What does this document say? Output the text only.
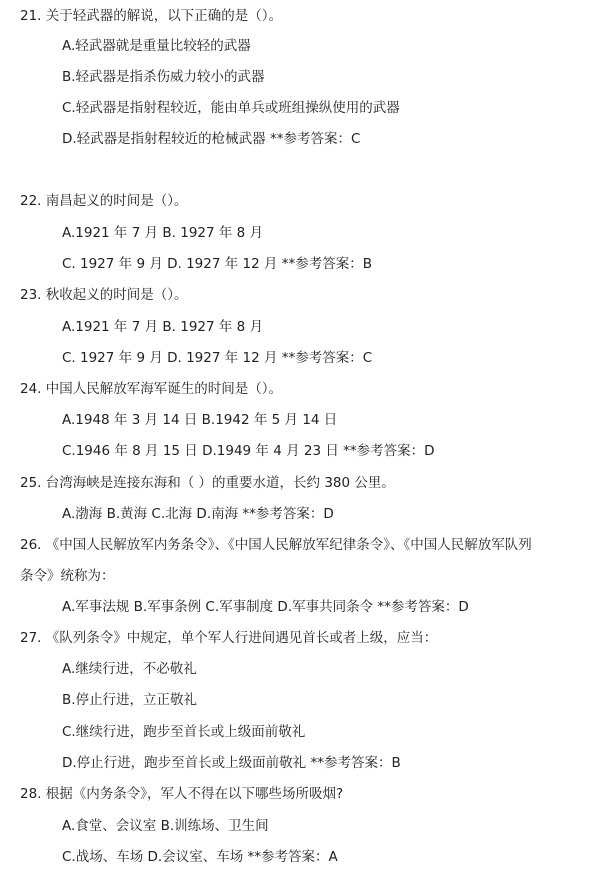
21. 关于轻武器的解说，以下正确的是（）。
A.轻武器就是重量比较轻的武器
B.轻武器是指杀伤威力较小的武器
C.轻武器是指射程较近，能由单兵或班组操纵使用的武器
D.轻武器是指射程较近的枪械武器 **参考答案：C
22. 南昌起义的时间是（）。
A.1921 年 7 月 B. 1927 年 8 月
C. 1927 年 9 月 D. 1927 年 12 月 **参考答案：B
23. 秋收起义的时间是（）。
A.1921 年 7 月 B. 1927 年 8 月
C. 1927 年 9 月 D. 1927 年 12 月 **参考答案：C
24. 中国人民解放军海军诞生的时间是（）。
A.1948 年 3 月 14 日 B.1942 年 5 月 14 日
C.1946 年 8 月 15 日 D.1949 年 4 月 23 日 **参考答案：D
25. 台湾海峡是连接东海和（ ）的重要水道，长约 380 公里。
A.渤海 B.黄海 C.北海 D.南海 **参考答案：D
26. 《中国人民解放军内务条令》、《中国人民解放军纪律条令》、《中国人民解放军队列
条令》统称为：
A.军事法规 B.军事条例 C.军事制度 D.军事共同条令 **参考答案：D
27. 《队列条令》中规定，单个军人行进间遇见首长或者上级，应当：
A.继续行进，不必敬礼
B.停止行进，立正敬礼
C.继续行进，跑步至首长或上级面前敬礼
D.停止行进，跑步至首长或上级面前敬礼 **参考答案：B
28. 根据《内务条令》，军人不得在以下哪些场所吸烟?
A.食堂、会议室 B.训练场、卫生间
C.战场、车场 D.会议室、车场 **参考答案：A
